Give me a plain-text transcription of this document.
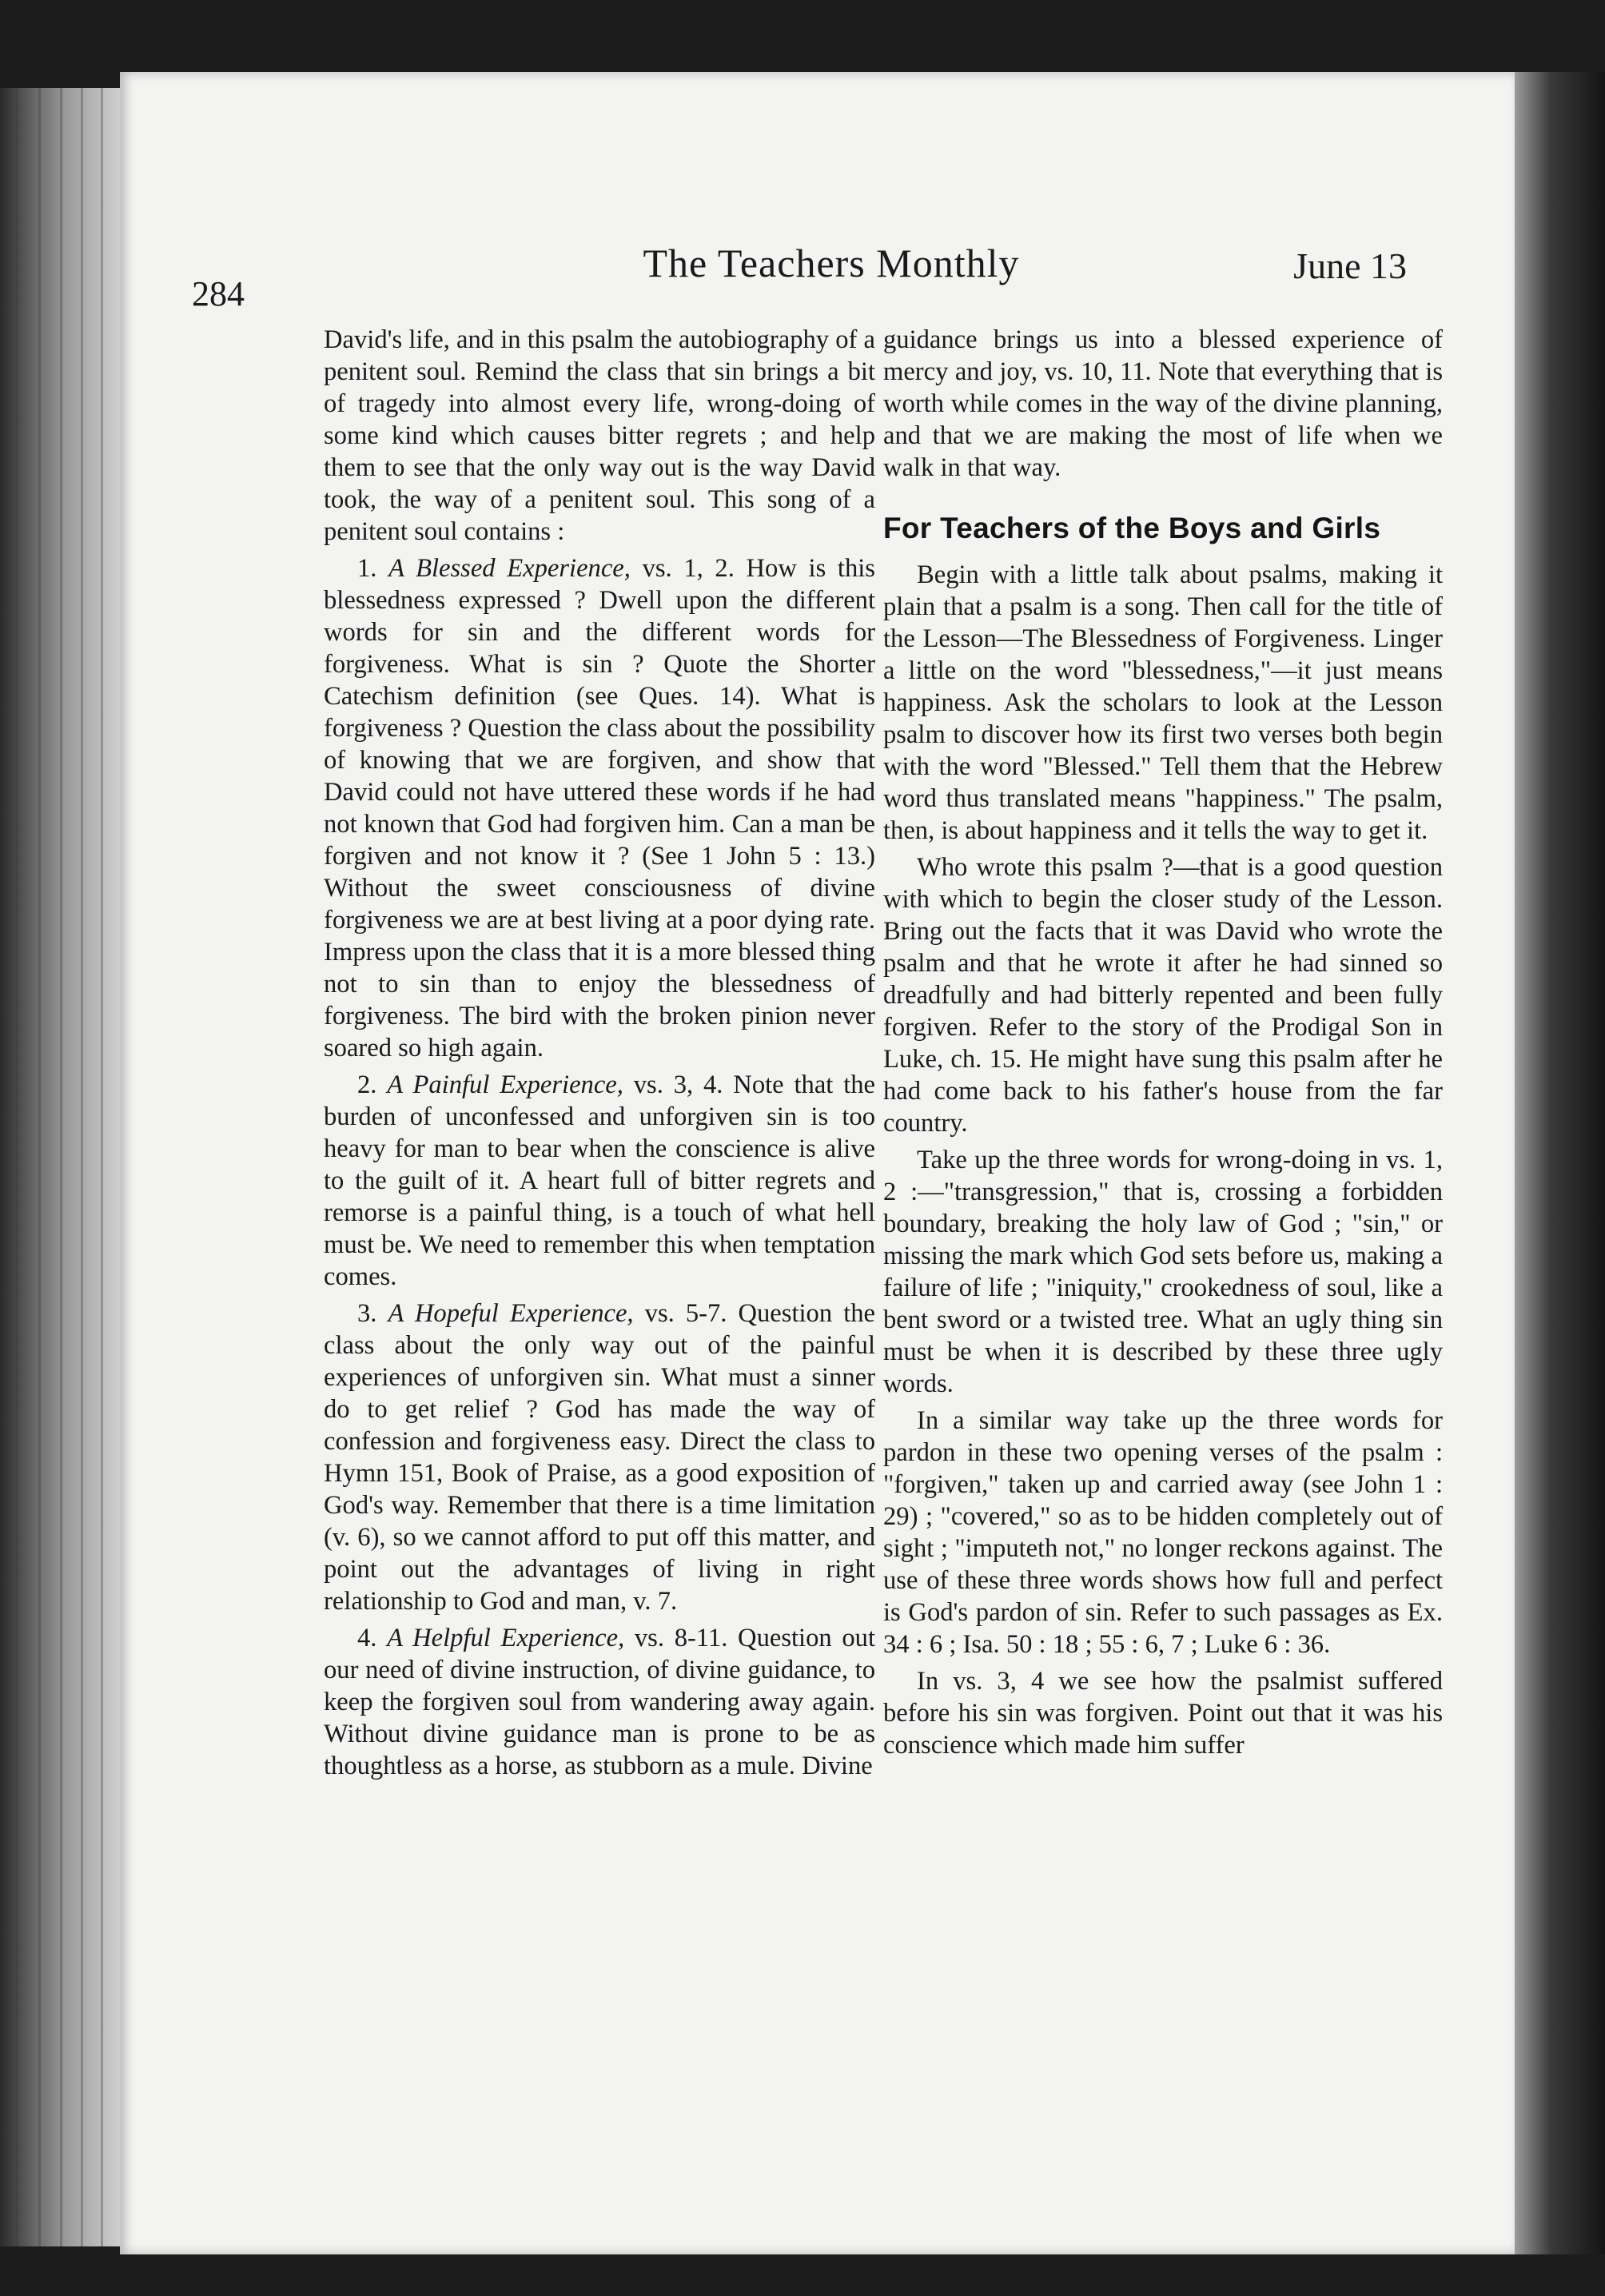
284
The Teachers Monthly	June 13

David's life, and in this psalm the autobiography of a penitent soul. Remind the class that sin brings a bit of tragedy into almost every life, wrong-doing of some kind which causes bitter regrets ; and help them to see that the only way out is the way David took, the way of a penitent soul. This song of a penitent soul contains :

1. A Blessed Experience, vs. 1, 2. How is this blessedness expressed ? Dwell upon the different words for sin and the different words for forgiveness. What is sin ? Quote the Shorter Catechism definition (see Ques. 14). What is forgiveness ? Question the class about the possibility of knowing that we are forgiven, and show that David could not have uttered these words if he had not known that God had forgiven him. Can a man be forgiven and not know it ? (See 1 John 5 : 13.) Without the sweet consciousness of divine forgiveness we are at best living at a poor dying rate. Impress upon the class that it is a more blessed thing not to sin than to enjoy the blessedness of forgiveness. The bird with the broken pinion never soared so high again.

2. A Painful Experience, vs. 3, 4. Note that the burden of unconfessed and unforgiven sin is too heavy for man to bear when the conscience is alive to the guilt of it. A heart full of bitter regrets and remorse is a painful thing, is a touch of what hell must be. We need to remember this when temptation comes.

3. A Hopeful Experience, vs. 5-7. Question the class about the only way out of the painful experiences of unforgiven sin. What must a sinner do to get relief ? God has made the way of confession and forgiveness easy. Direct the class to Hymn 151, Book of Praise, as a good exposition of God's way. Remember that there is a time limitation (v. 6), so we cannot afford to put off this matter, and point out the advantages of living in right relationship to God and man, v. 7.

4. A Helpful Experience, vs. 8-11. Question out our need of divine instruction, of divine guidance, to keep the forgiven soul from wandering away again. Without divine guidance man is prone to be as thoughtless as a horse, as stubborn as a mule. Divine

guidance brings us into a blessed experience of mercy and joy, vs. 10, 11. Note that everything that is worth while comes in the way of the divine planning, and that we are making the most of life when we walk in that way.

For Teachers of the Boys and Girls

Begin with a little talk about psalms, making it plain that a psalm is a song. Then call for the title of the Lesson—The Blessedness of Forgiveness. Linger a little on the word "blessedness,"—it just means happiness. Ask the scholars to look at the Lesson psalm to discover how its first two verses both begin with the word "Blessed." Tell them that the Hebrew word thus translated means "happiness." The psalm, then, is about happiness and it tells the way to get it.

Who wrote this psalm ?—that is a good question with which to begin the closer study of the Lesson. Bring out the facts that it was David who wrote the psalm and that he wrote it after he had sinned so dreadfully and had bitterly repented and been fully forgiven. Refer to the story of the Prodigal Son in Luke, ch. 15. He might have sung this psalm after he had come back to his father's house from the far country.

Take up the three words for wrong-doing in vs. 1, 2 :—"transgression," that is, crossing a forbidden boundary, breaking the holy law of God ; "sin," or missing the mark which God sets before us, making a failure of life ; "iniquity," crookedness of soul, like a bent sword or a twisted tree. What an ugly thing sin must be when it is described by these three ugly words.

In a similar way take up the three words for pardon in these two opening verses of the psalm : "forgiven," taken up and carried away (see John 1 : 29) ; "covered," so as to be hidden completely out of sight ; "imputeth not," no longer reckons against. The use of these three words shows how full and perfect is God's pardon of sin. Refer to such passages as Ex. 34 : 6 ; Isa. 50 : 18 ; 55 : 6, 7 ; Luke 6 : 36.

In vs. 3, 4 we see how the psalmist suffered before his sin was forgiven. Point out that it was his conscience which made him suffer
